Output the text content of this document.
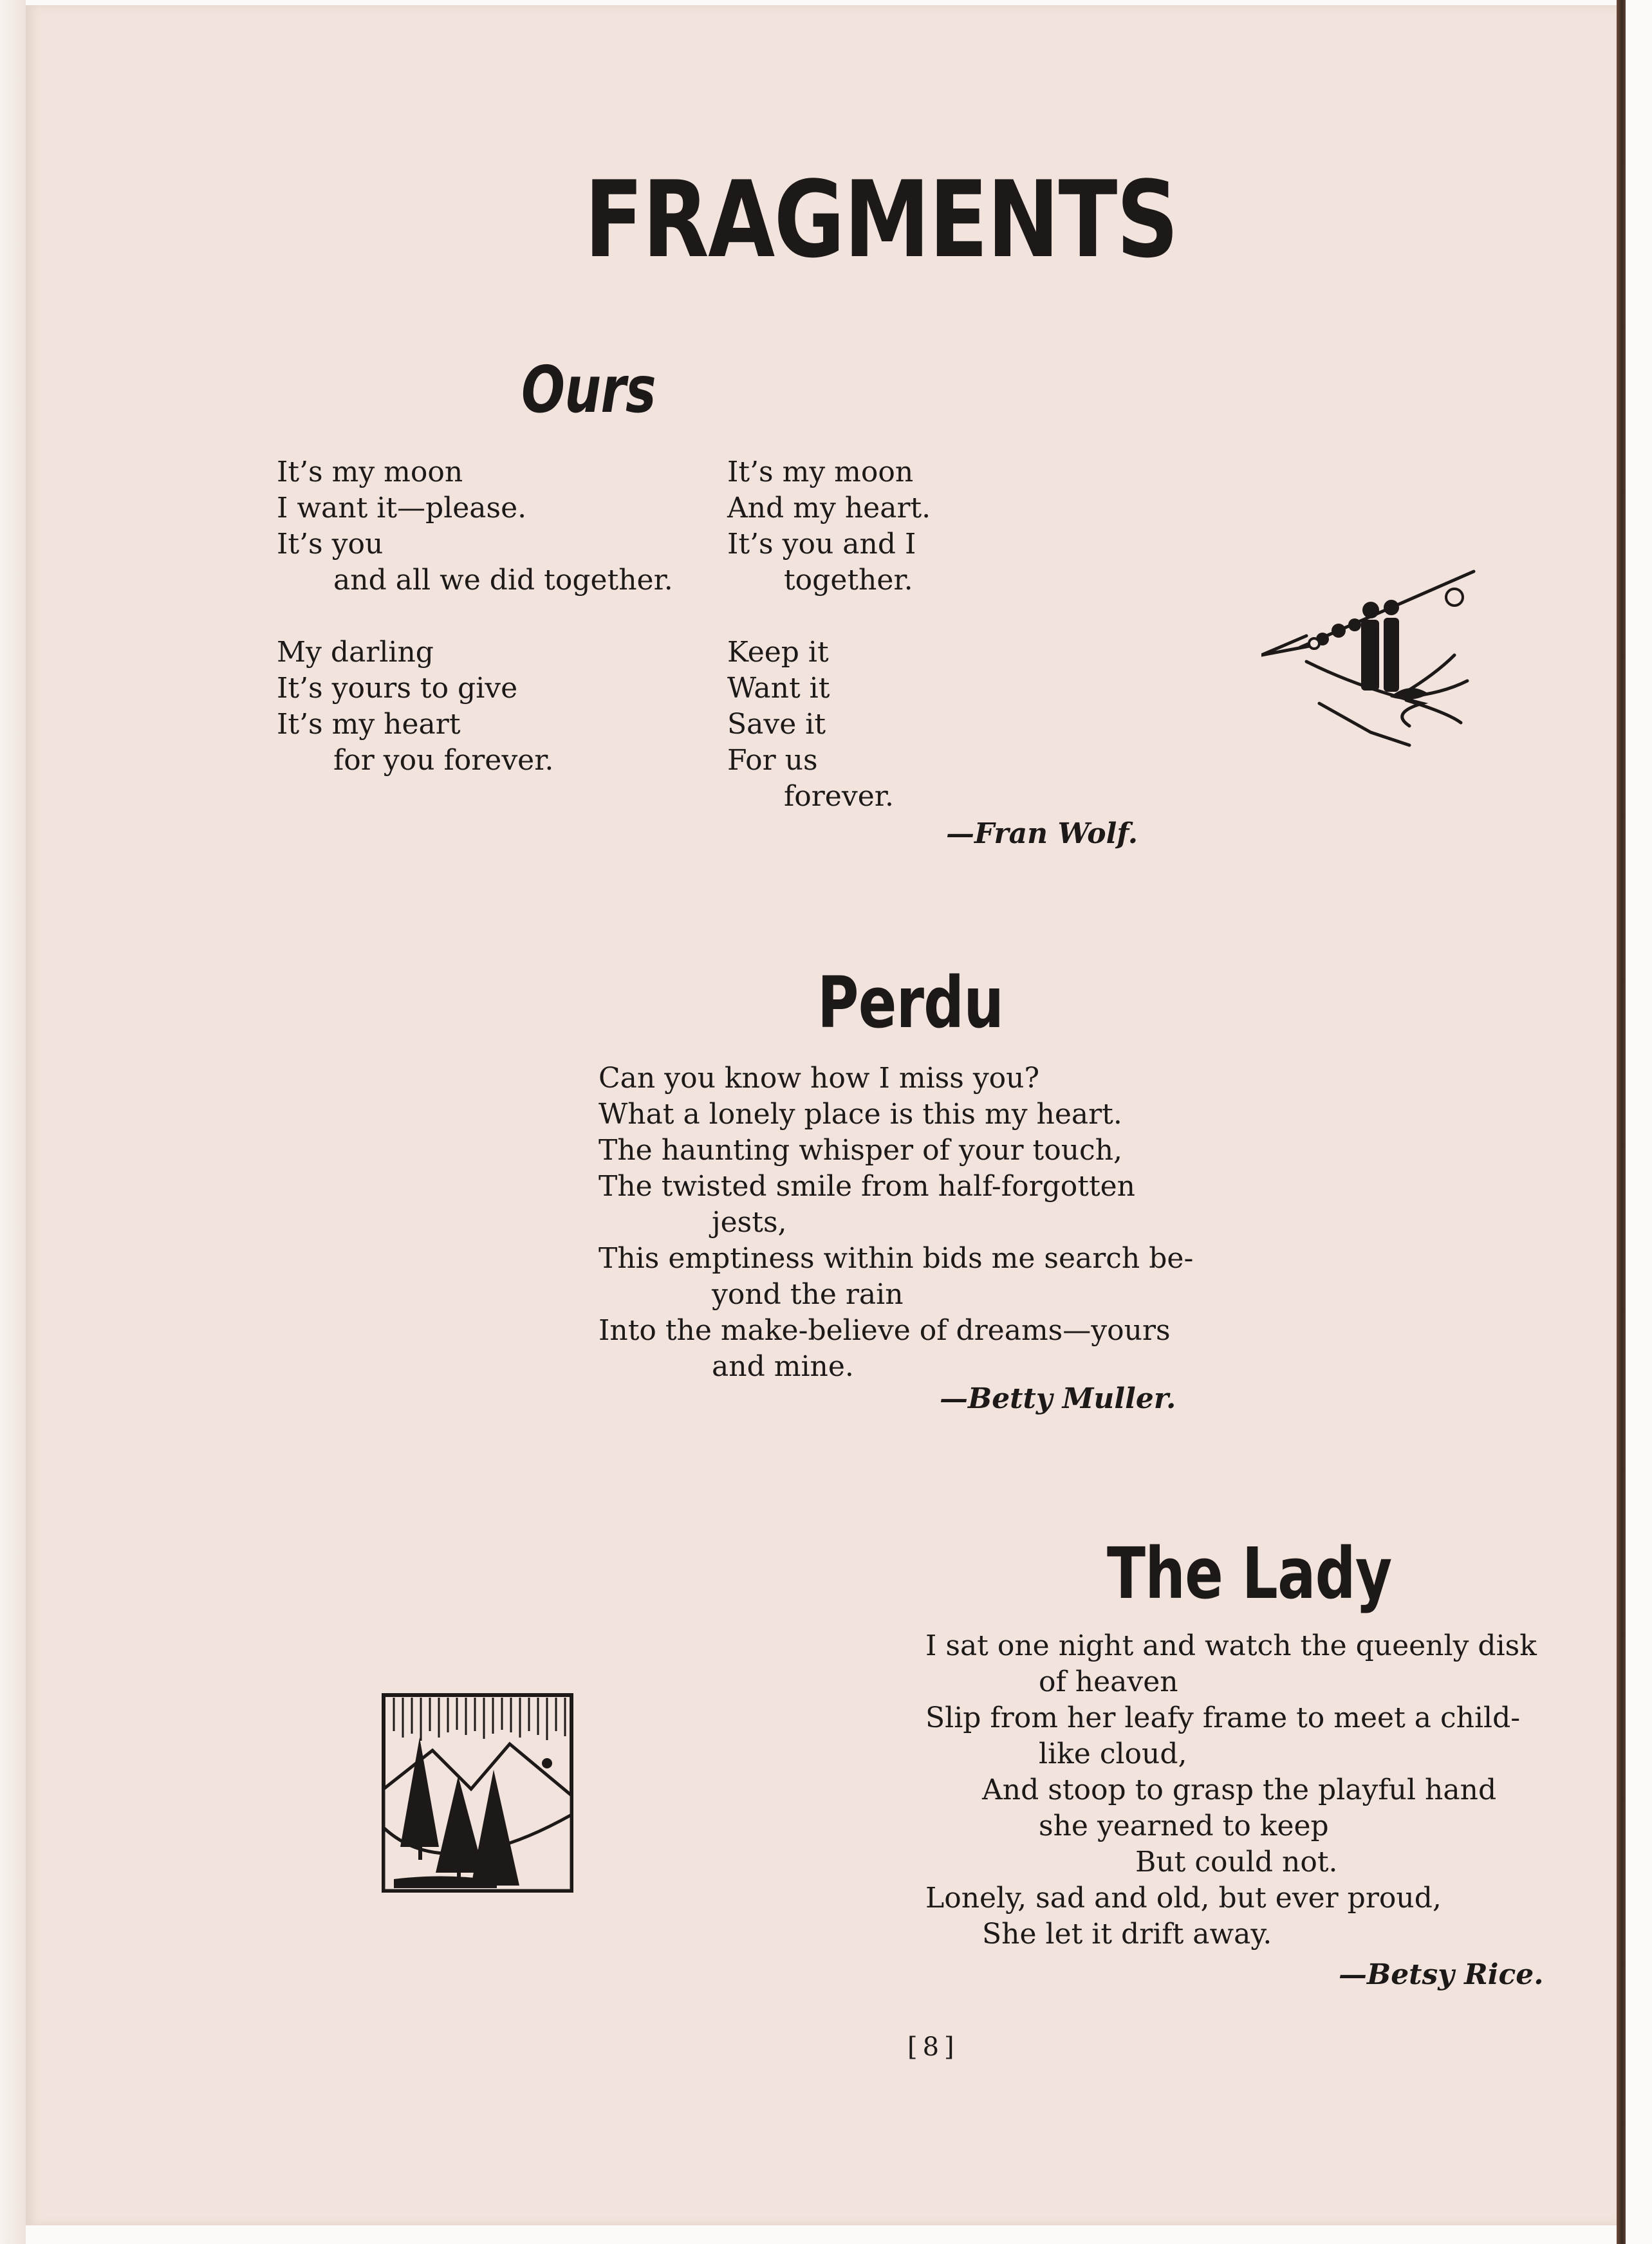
FRAGMENTS
Ours
It’s my moon
I want it—please.
It’s you
and all we did together.
My darling
It’s yours to give
It’s my heart
for you forever.
It’s my moon
And my heart.
It’s you and I
together.
Keep it
Want it
Save it
For us
forever.
—Fran Wolf.
Perdu
Can you know how I miss you?
What a lonely place is this my heart.
The haunting whisper of your touch,
The twisted smile from half-forgotten
jests,
This emptiness within bids me search be-
yond the rain
Into the make-believe of dreams—yours
and mine.
—Betty Muller.
The Lady
I sat one night and watch the queenly disk
of heaven
Slip from her leafy frame to meet a child-
like cloud,
And stoop to grasp the playful hand
she yearned to keep
But could not.
Lonely, sad and old, but ever proud,
She let it drift away.
—Betsy Rice.
[8]
